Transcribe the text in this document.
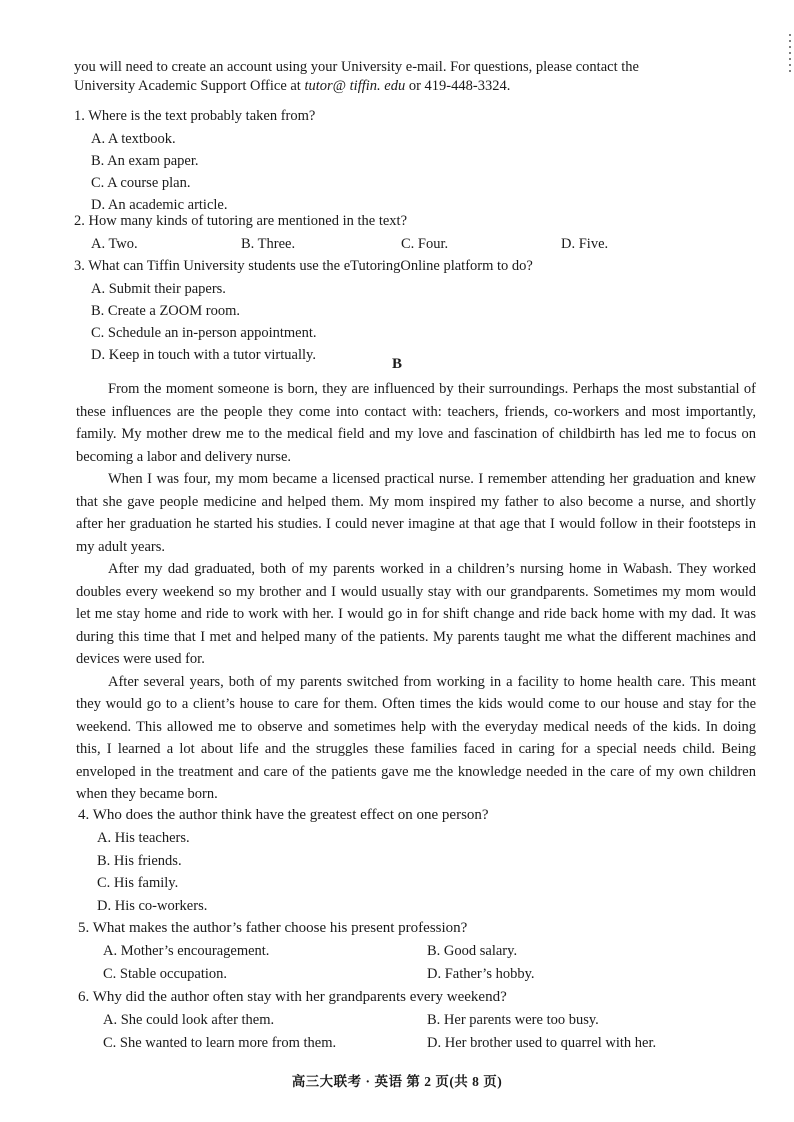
you will need to create an account using your University e-mail. For questions, please contact the
University Academic Support Office at tutor@ tiffin. edu or 419-448-3324.
1. Where is the text probably taken from?
A. A textbook.
B. An exam paper.
C. A course plan.
D. An academic article.
2. How many kinds of tutoring are mentioned in the text?
A. Two.	B. Three.	C. Four.	D. Five.
3. What can Tiffin University students use the eTutoringOnline platform to do?
A. Submit their papers.
B. Create a ZOOM room.
C. Schedule an in-person appointment.
D. Keep in touch with a tutor virtually.
B

From the moment someone is born, they are influenced by their surroundings. Perhaps the most substantial of these influences are the people they come into contact with: teachers, friends, co-workers and most importantly, family. My mother drew me to the medical field and my love and fascination of childbirth has led me to focus on becoming a labor and delivery nurse.

When I was four, my mom became a licensed practical nurse. I remember attending her graduation and knew that she gave people medicine and helped them. My mom inspired my father to also become a nurse, and shortly after her graduation he started his studies. I could never imagine at that age that I would follow in their footsteps in my adult years.

After my dad graduated, both of my parents worked in a children’s nursing home in Wabash. They worked doubles every weekend so my brother and I would usually stay with our grandparents. Sometimes my mom would let me stay home and ride to work with her. I would go in for shift change and ride back home with my dad. It was during this time that I met and helped many of the patients. My parents taught me what the different machines and devices were used for.

After several years, both of my parents switched from working in a facility to home health care. This meant they would go to a client’s house to care for them. Often times the kids would come to our house and stay for the weekend. This allowed me to observe and sometimes help with the everyday medical needs of the kids. In doing this, I learned a lot about life and the struggles these families faced in caring for a special needs child. Being enveloped in the treatment and care of the patients gave me the knowledge needed in the care of my own children when they became born.

4. Who does the author think have the greatest effect on one person?
A. His teachers.
B. His friends.
C. His family.
D. His co-workers.
5. What makes the author’s father choose his present profession?
A. Mother’s encouragement.	B. Good salary.
C. Stable occupation.	D. Father’s hobby.
6. Why did the author often stay with her grandparents every weekend?
A. She could look after them.	B. Her parents were too busy.
C. She wanted to learn more from them.	D. Her brother used to quarrel with her.
高三大联考 · 英语 第 2 页(共 8 页)
